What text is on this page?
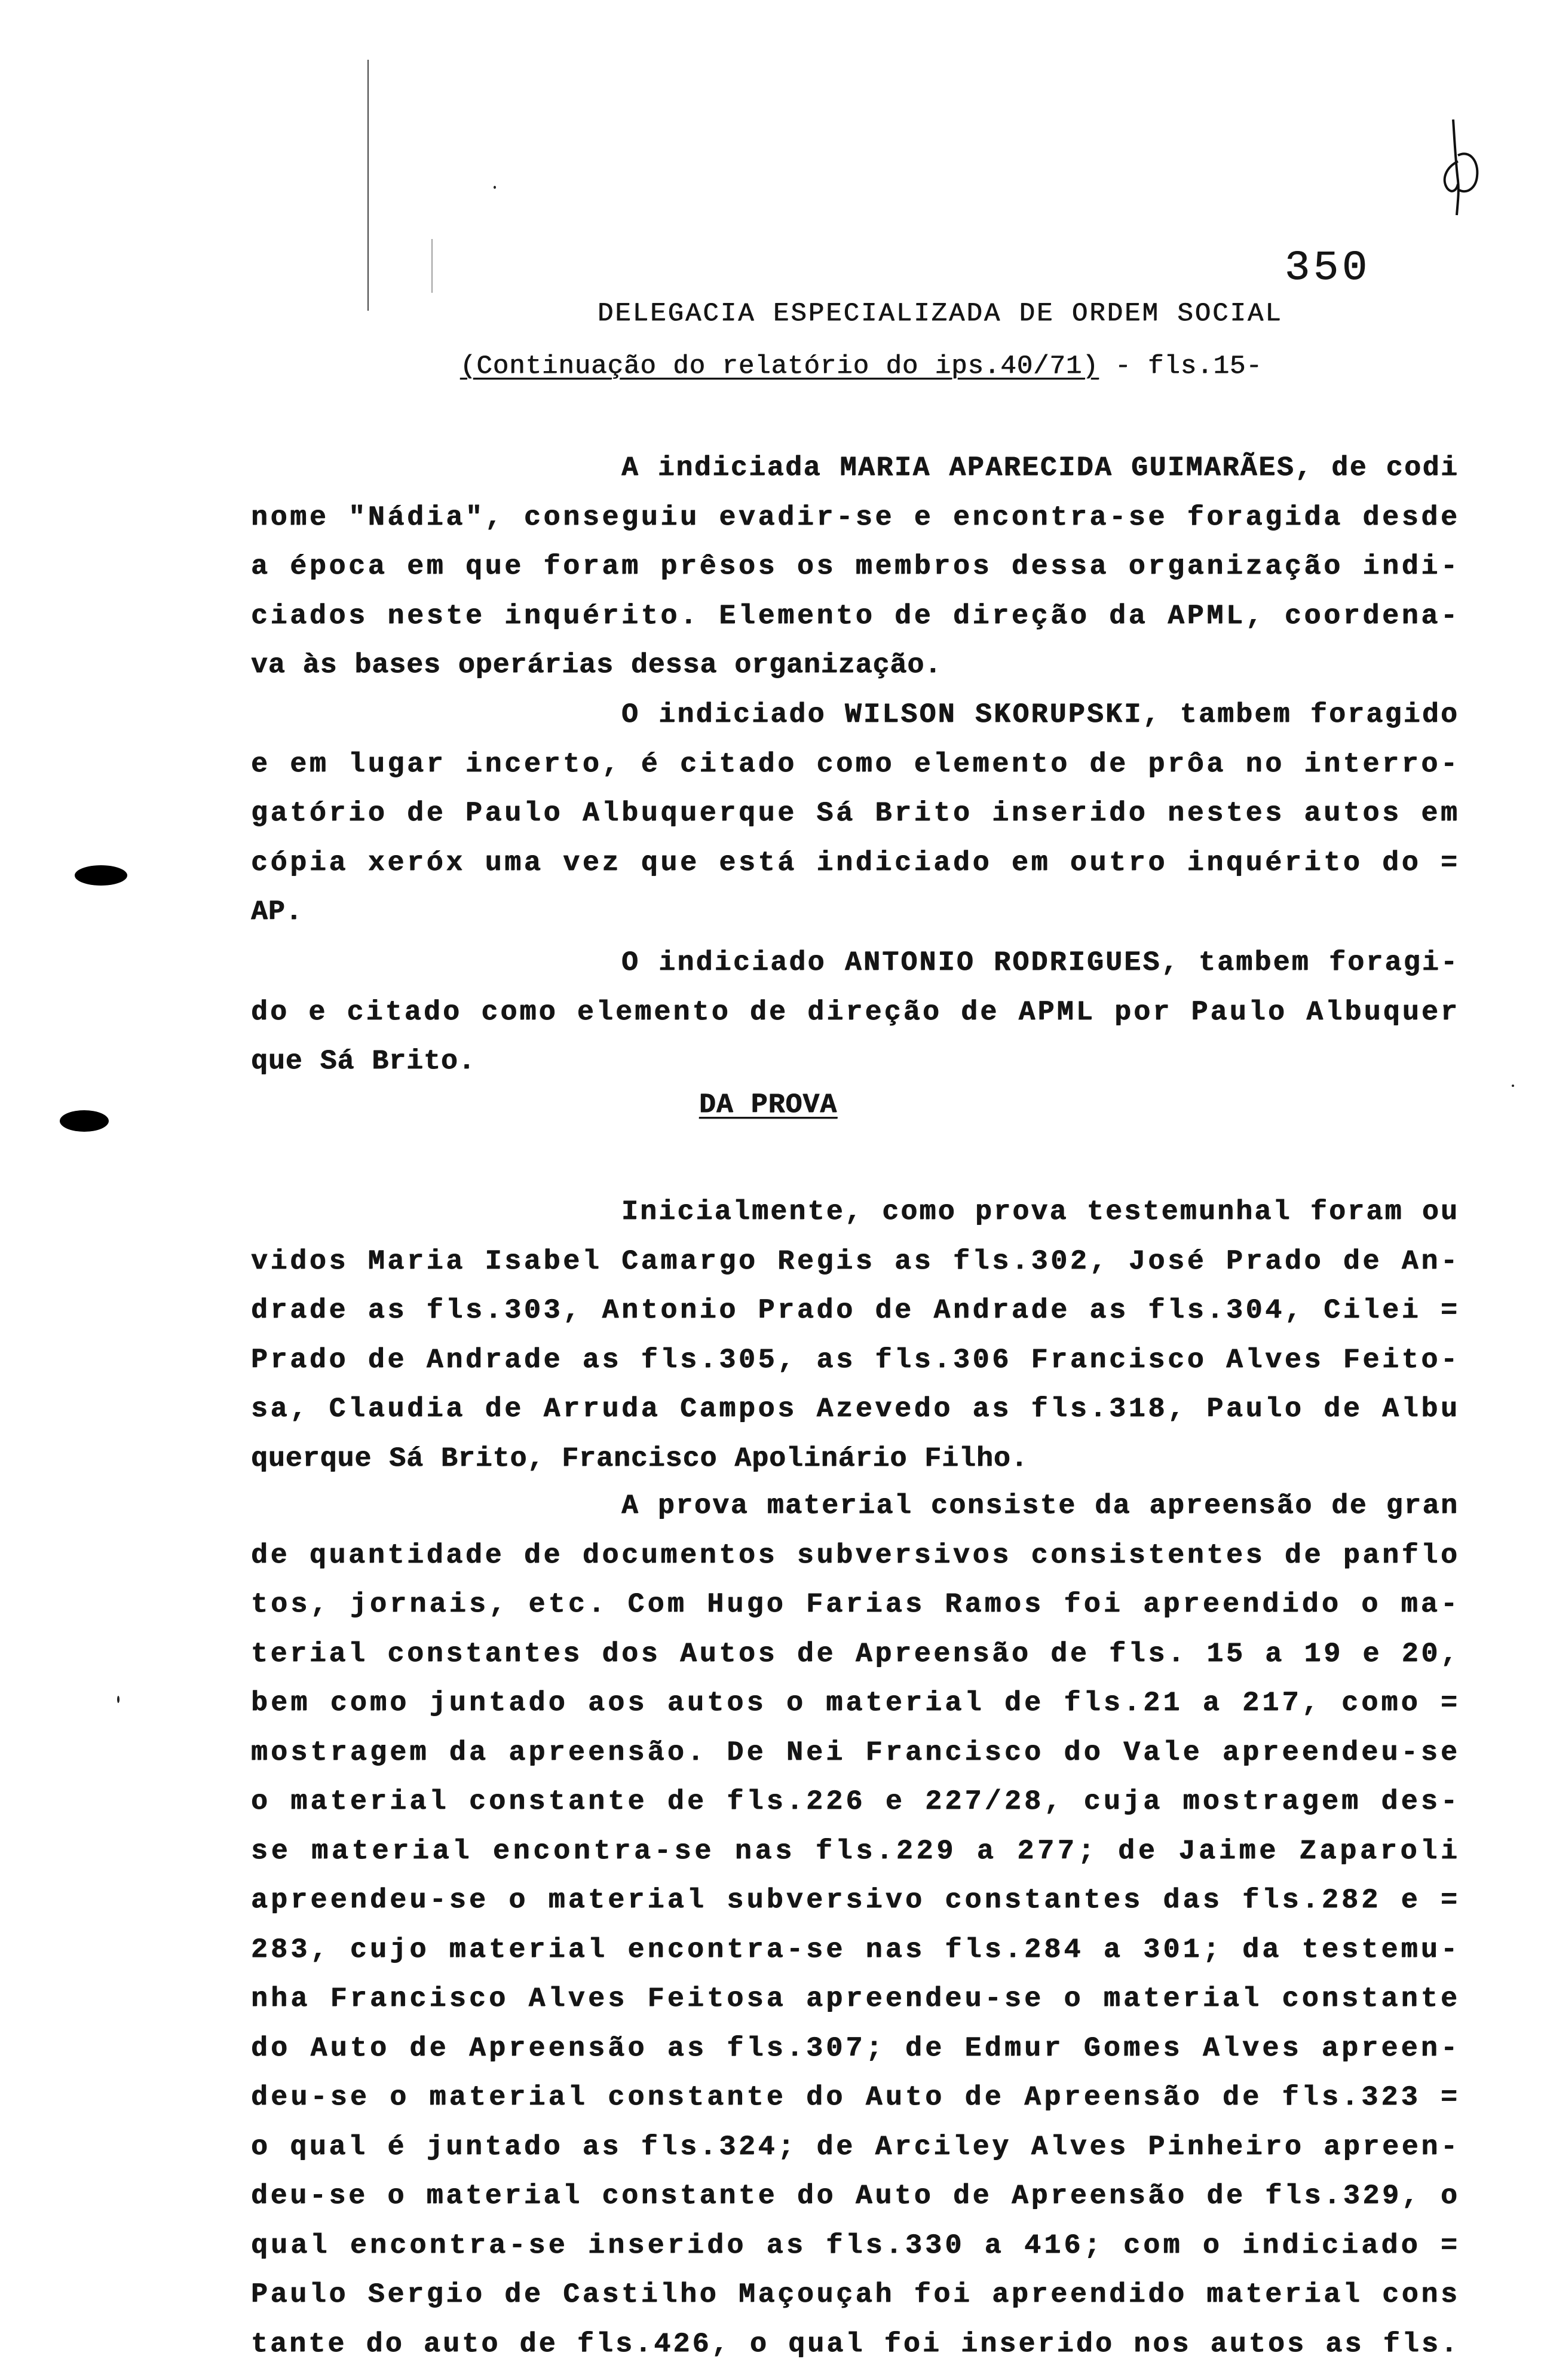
350
DELEGACIA ESPECIALIZADA DE ORDEM SOCIAL
(Continuação do relatório do ips.40/71) - fls.15-
A indiciada MARIA APARECIDA GUIMARÃES, de codi
nome "Nádia", conseguiu evadir-se e encontra-se foragida desde
a época em que foram prêsos os membros dessa organização indi-
ciados neste inquérito. Elemento de direção da APML, coordena-
va às bases operárias dessa organização.
O indiciado WILSON SKORUPSKI, tambem foragido
e em lugar incerto, é citado como elemento de prôa no interro-
gatório de Paulo Albuquerque Sá Brito inserido nestes autos em
cópia xeróx uma vez que está indiciado em outro inquérito do =
AP.
O indiciado ANTONIO RODRIGUES, tambem foragi-
do e citado como elemento de direção de APML por Paulo Albuquer
que Sá Brito.
Inicialmente, como prova testemunhal foram ou
vidos Maria Isabel Camargo Regis as fls.302, José Prado de An-
drade as fls.303, Antonio Prado de Andrade as fls.304, Cilei =
Prado de Andrade as fls.305, as fls.306 Francisco Alves Feito-
sa, Claudia de Arruda Campos Azevedo as fls.318, Paulo de Albu
querque Sá Brito, Francisco Apolinário Filho.
A prova material consiste da apreensão de gran
de quantidade de documentos subversivos consistentes de panflo
tos, jornais, etc. Com Hugo Farias Ramos foi apreendido o ma-
terial constantes dos Autos de Apreensão de fls. 15 a 19 e 20,
bem como juntado aos autos o material de fls.21 a 217, como =
mostragem da apreensão. De Nei Francisco do Vale apreendeu-se
o material constante de fls.226 e 227/28, cuja mostragem des-
se material encontra-se nas fls.229 a 277; de Jaime Zaparoli
apreendeu-se o material subversivo constantes das fls.282 e =
283, cujo material encontra-se nas fls.284 a 301; da testemu-
nha Francisco Alves Feitosa apreendeu-se o material constante
do Auto de Apreensão as fls.307; de Edmur Gomes Alves apreen-
deu-se o material constante do Auto de Apreensão de fls.323 =
o qual é juntado as fls.324; de Arciley Alves Pinheiro apreen-
deu-se o material constante do Auto de Apreensão de fls.329, o
qual encontra-se inserido as fls.330 a 416; com o indiciado =
Paulo Sergio de Castilho Maçouçah foi apreendido material cons
tante do auto de fls.426, o qual foi inserido nos autos as fls.
DA PROVA
